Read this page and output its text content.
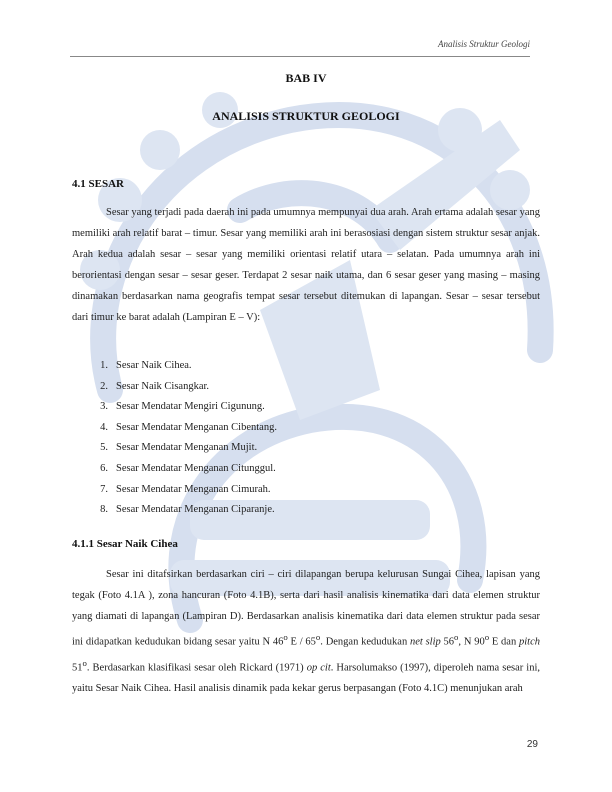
Analisis Struktur Geologi
BAB IV
ANALISIS STRUKTUR GEOLOGI
4.1 SESAR

Sesar yang terjadi pada daerah ini pada umumnya mempunyai dua arah. Arah ertama adalah sesar yang memiliki arah relatif barat – timur. Sesar yang memiliki arah ini berasosiasi dengan sistem struktur sesar anjak. Arah kedua adalah sesar – sesar yang memiliki orientasi relatif utara – selatan. Pada umumnya arah ini berorientasi dengan sesar – sesar geser. Terdapat 2 sesar naik utama, dan 6 sesar geser yang masing – masing dinamakan berdasarkan nama geografis tempat sesar tersebut ditemukan di lapangan. Sesar – sesar tersebut dari timur ke barat adalah (Lampiran E – V):

1. Sesar Naik Cihea.
2. Sesar Naik Cisangkar.
3. Sesar Mendatar Mengiri Cigunung.
4. Sesar Mendatar Menganan Cibentang.
5. Sesar Mendatar Menganan Mujit.
6. Sesar Mendatar Menganan Citunggul.
7. Sesar Mendatar Menganan Cimurah.
8. Sesar Mendatar Menganan Ciparanje.
4.1.1 Sesar Naik Cihea

Sesar ini ditafsirkan berdasarkan ciri – ciri dilapangan berupa kelurusan Sungai Cihea, lapisan yang tegak (Foto 4.1A ), zona hancuran (Foto 4.1B), serta dari hasil analisis kinematika dari data elemen struktur yang diamati di lapangan (Lampiran D). Berdasarkan analisis kinematika dari data elemen struktur pada sesar ini didapatkan kedudukan bidang sesar yaitu N 46$^o$ E / 65$^o$. Dengan kedudukan net slip 56$^o$, N 90$^o$ E dan pitch 51$^o$. Berdasarkan klasifikasi sesar oleh Rickard (1971) op cit. Harsolumakso (1997), diperoleh nama sesar ini, yaitu Sesar Naik Cihea. Hasil analisis dinamik pada kekar gerus berpasangan (Foto 4.1C) menunjukan arah

29
